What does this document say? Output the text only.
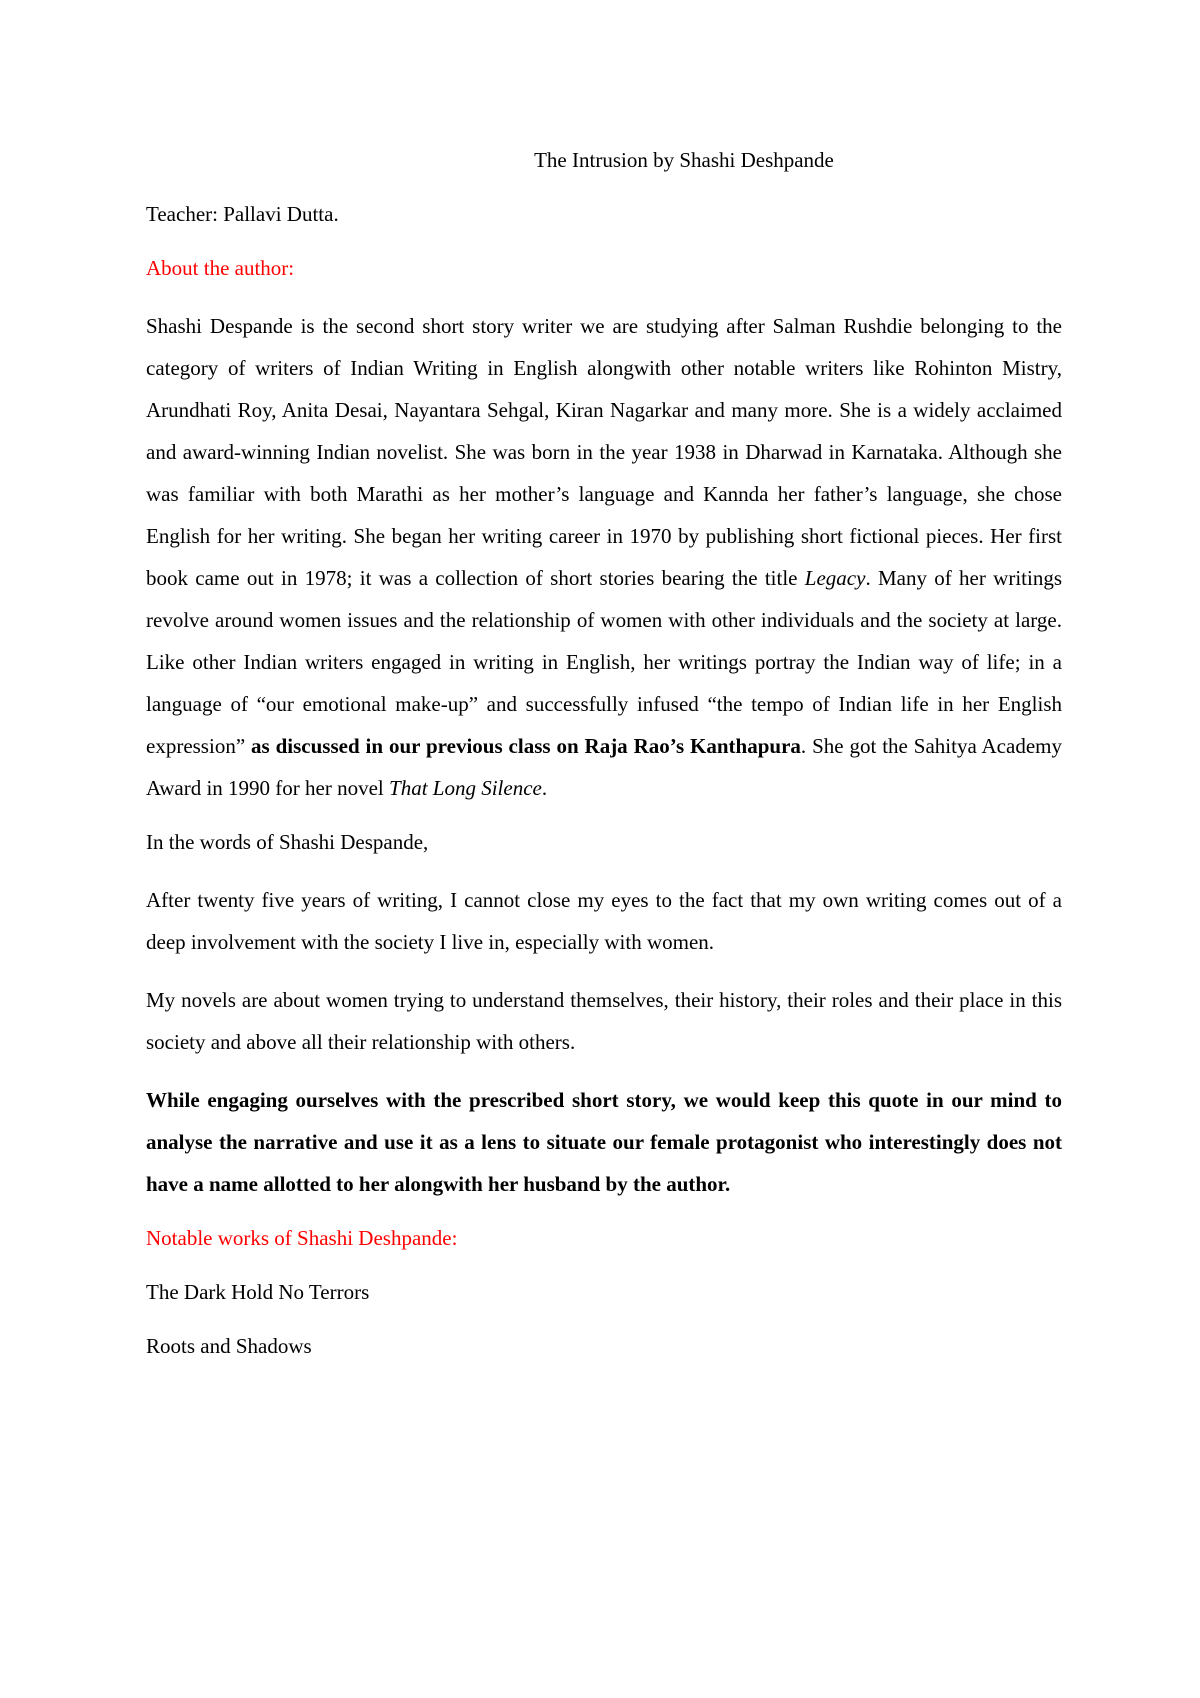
The Intrusion by Shashi Deshpande
Teacher: Pallavi Dutta.
About the author:
Shashi Despande is the second short story writer we are studying after Salman Rushdie belonging to the category of writers of Indian Writing in English alongwith other notable writers like Rohinton Mistry, Arundhati Roy, Anita Desai, Nayantara Sehgal, Kiran Nagarkar and many more. She is a widely acclaimed and award-winning Indian novelist. She was born in the year 1938 in Dharwad in Karnataka. Although she was familiar with both Marathi as her mother’s language and Kannda her father’s language, she chose English for her writing. She began her writing career in 1970 by publishing short fictional pieces. Her first book came out in 1978; it was a collection of short stories bearing the title Legacy. Many of her writings revolve around women issues and the relationship of women with other individuals and the society at large. Like other Indian writers engaged in writing in English, her writings portray the Indian way of life; in a language of “our emotional make-up” and successfully infused “the tempo of Indian life in her English expression” as discussed in our previous class on Raja Rao’s Kanthapura. She got the Sahitya Academy Award in 1990 for her novel That Long Silence.
In the words of Shashi Despande,
After twenty five years of writing, I cannot close my eyes to the fact that my own writing comes out of a deep involvement with the society I live in, especially with women.
My novels are about women trying to understand themselves, their history, their roles and their place in this society and above all their relationship with others.
While engaging ourselves with the prescribed short story, we would keep this quote in our mind to analyse the narrative and use it as a lens to situate our female protagonist who interestingly does not have a name allotted to her alongwith her husband by the author.
Notable works of Shashi Deshpande:
The Dark Hold No Terrors
Roots and Shadows
